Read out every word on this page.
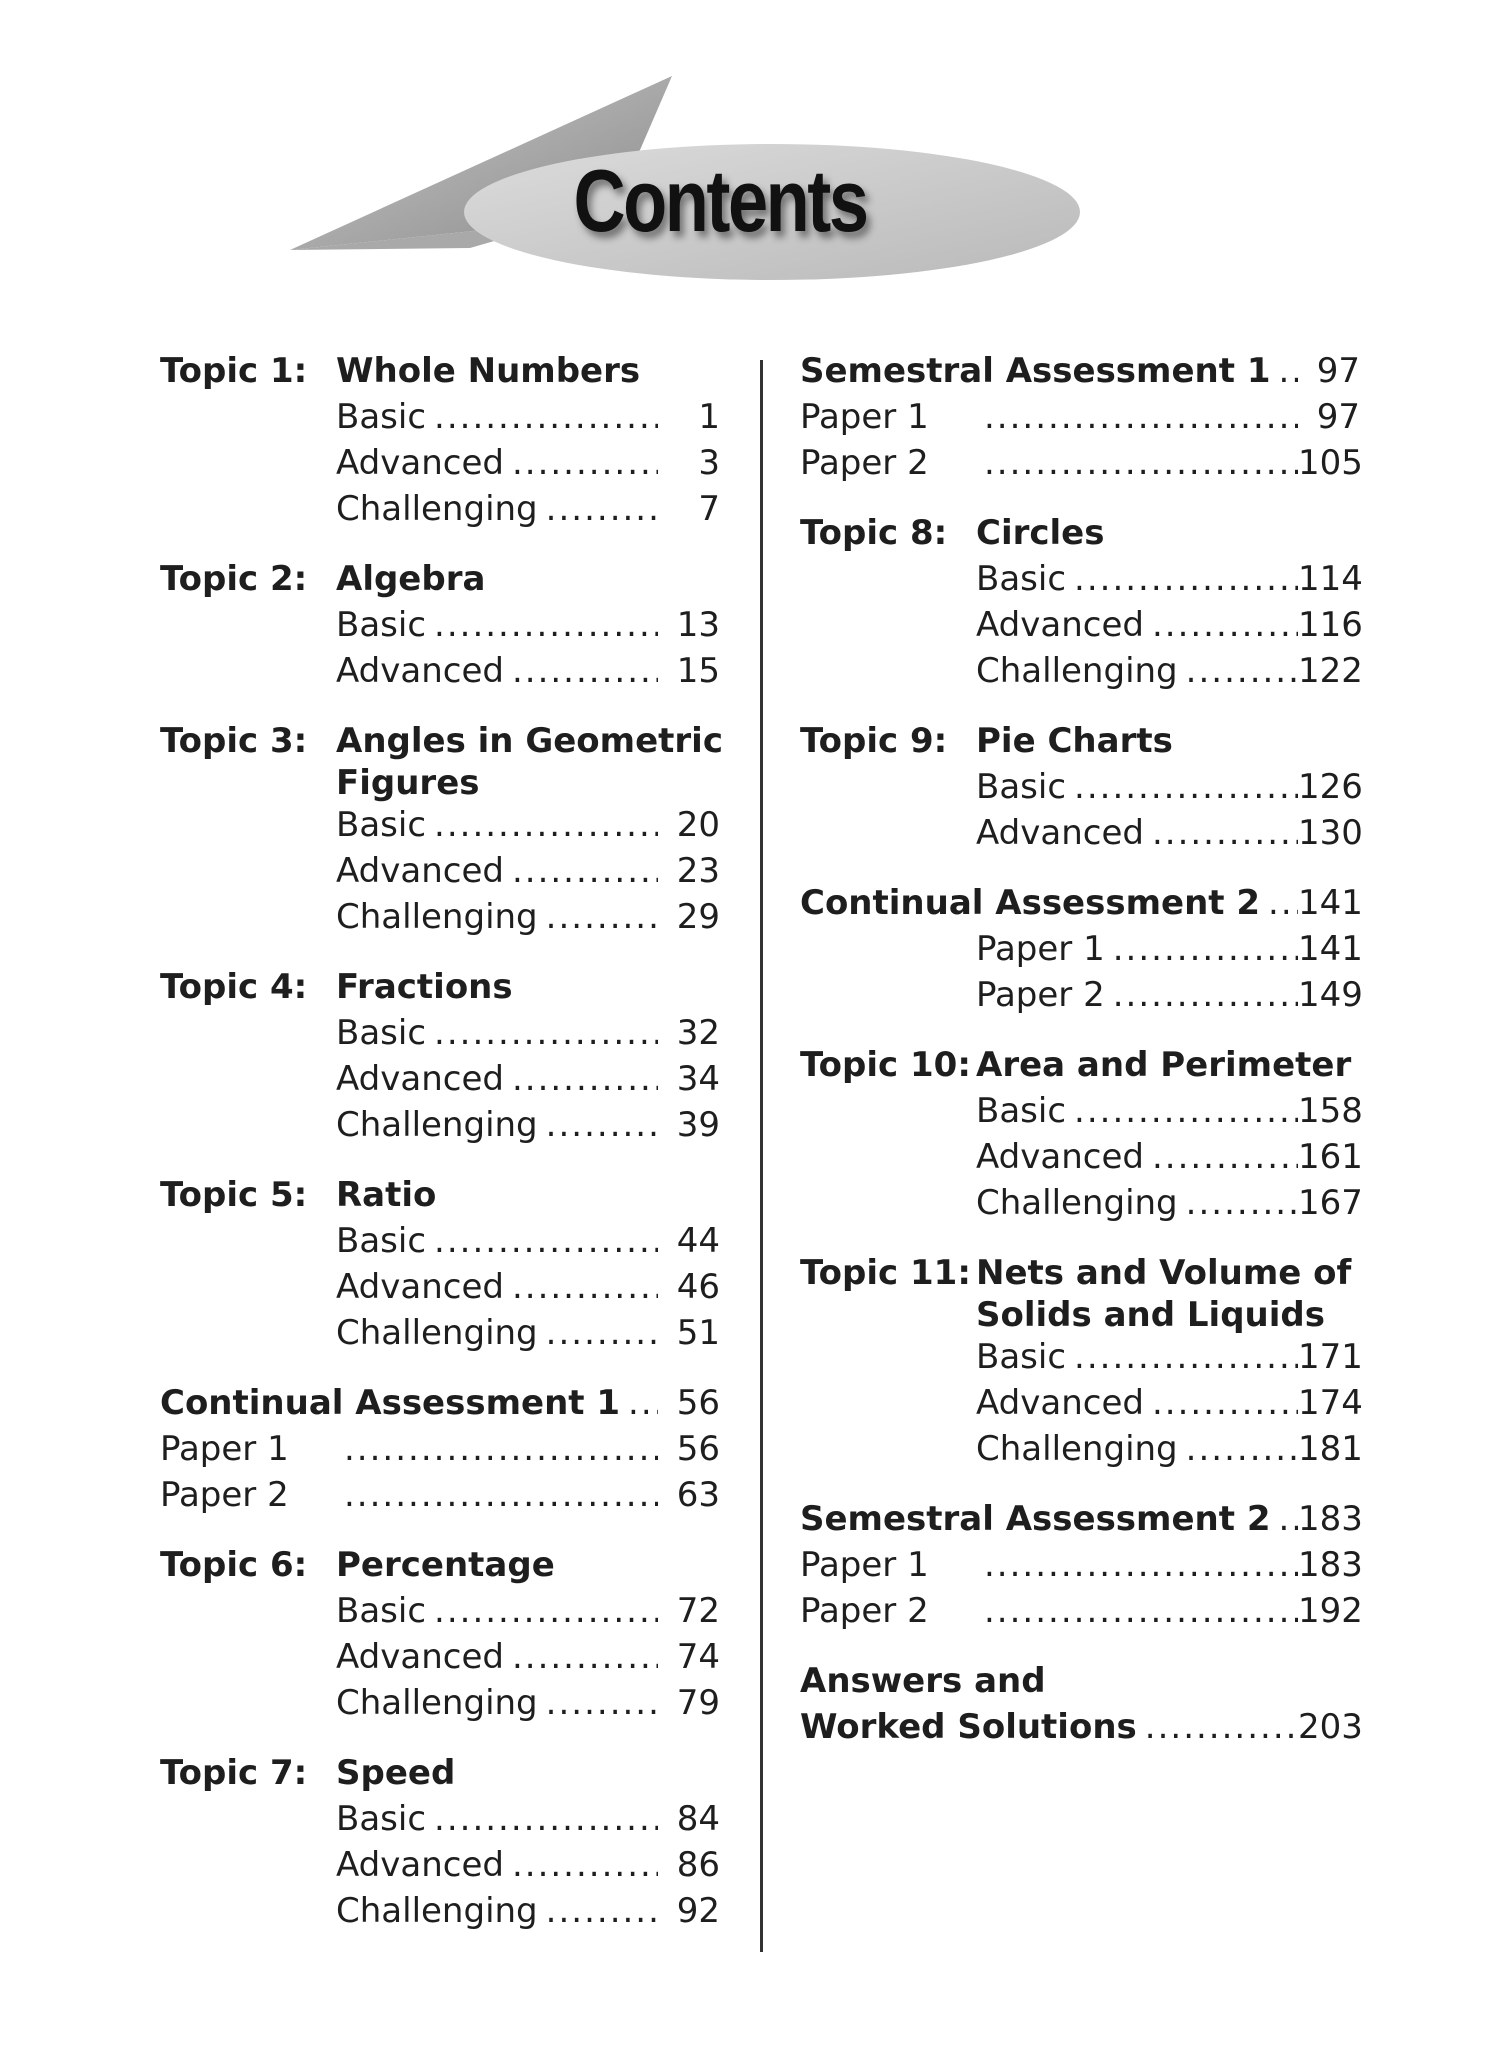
Contents
Topic 1: Whole Numbers
Basic .....	1
Advanced .....	3
Challenging .....	7
Topic 2: Algebra
Basic .....	13
Advanced .....	15
Topic 3: Angles in Geometric
Figures
Basic .....	20
Advanced .....	23
Challenging .....	29
Topic 4: Fractions
Basic .....	32
Advanced .....	34
Challenging .....	39
Topic 5: Ratio
Basic .....	44
Advanced .....	46
Challenging .....	51
Continual Assessment 1 .....	56
Paper 1 .....	56
Paper 2 .....	63
Topic 6: Percentage
Basic .....	72
Advanced .....	74
Challenging .....	79
Topic 7: Speed
Basic .....	84
Advanced .....	86
Challenging .....	92
Semestral Assessment 1 .....	97
Paper 1 .....	97
Paper 2 .....	105
Topic 8: Circles
Basic .....	114
Advanced .....	116
Challenging .....	122
Topic 9: Pie Charts
Basic .....	126
Advanced .....	130
Continual Assessment 2 ..... 141
Paper 1 .....	141
Paper 2 .....	149
Topic 10: Area and Perimeter
Basic .....	158
Advanced .....	161
Challenging .....	167
Topic 11: Nets and Volume of
Solids and Liquids
Basic .....	171
Advanced .....	174
Challenging .....	181
Semestral Assessment 2 ..... 183
Paper 1 .....	183
Paper 2 .....	192
Answers and
Worked Solutions .....	203
